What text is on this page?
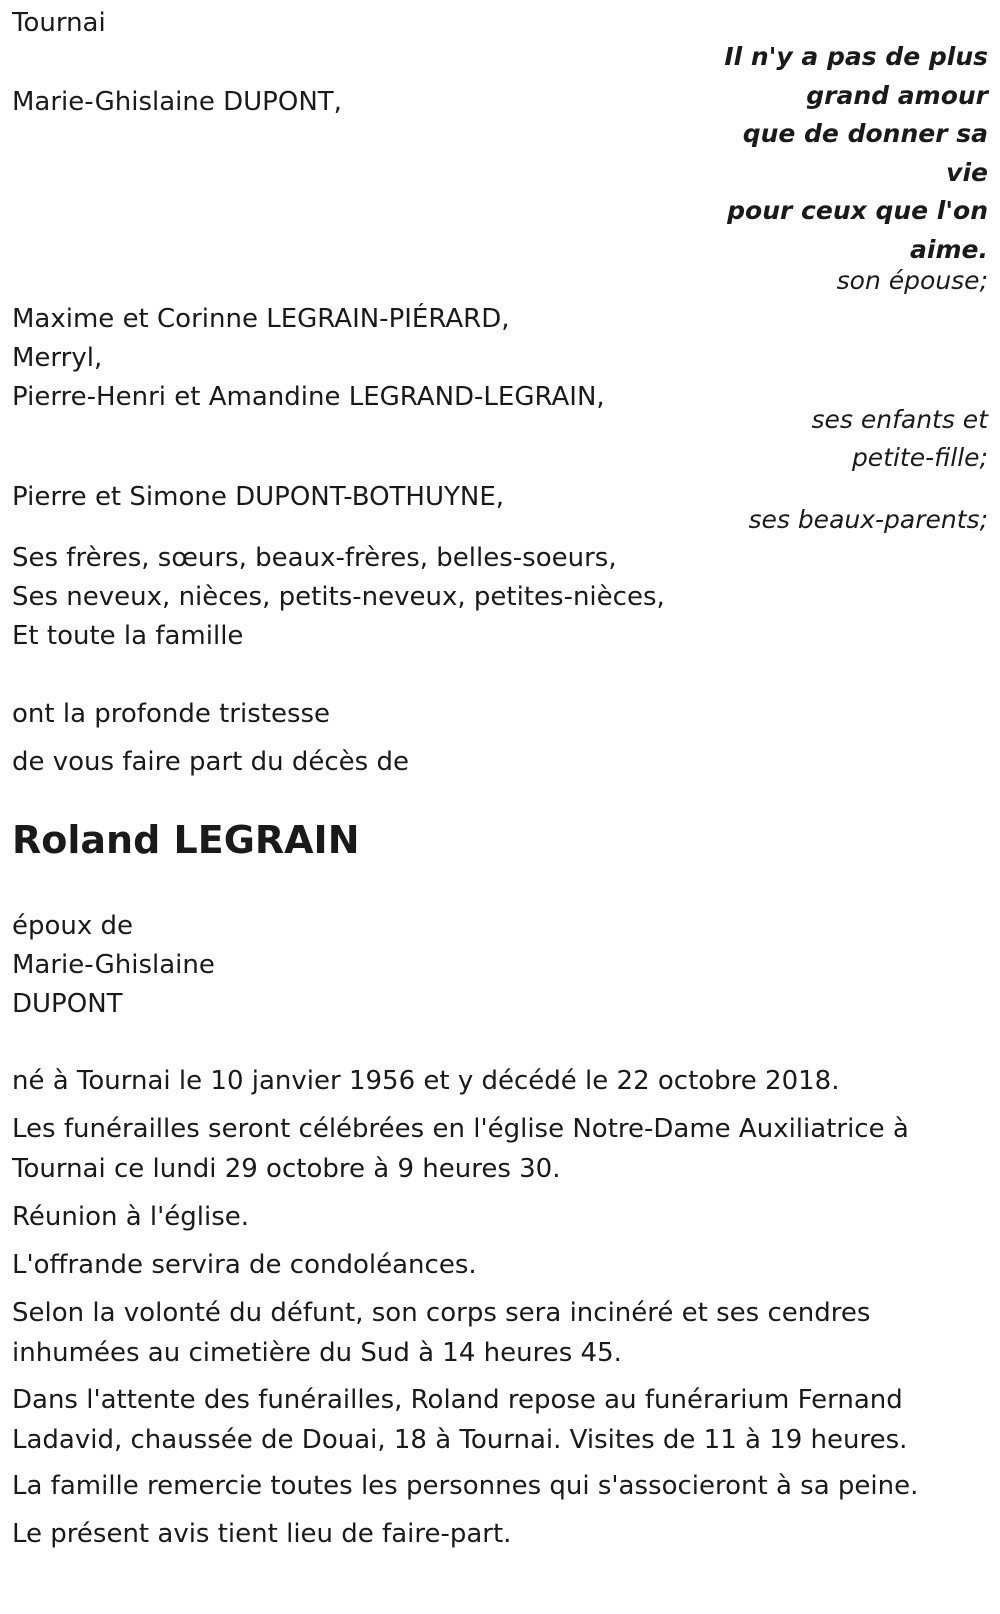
Tournai
Il n'y a pas de plus
grand amour
que de donner sa
vie
pour ceux que l'on
aime.
Marie-Ghislaine DUPONT,
son épouse;
Maxime et Corinne LEGRAIN-PIÉRARD,
Merryl,
Pierre-Henri et Amandine LEGRAND-LEGRAIN,
ses enfants et
petite-fille;
Pierre et Simone DUPONT-BOTHUYNE,
ses beaux-parents;
Ses frères, sœurs, beaux-frères, belles-soeurs,
Ses neveux, nièces, petits-neveux, petites-nièces,
Et toute la famille
ont la profonde tristesse
de vous faire part du décès de
Roland LEGRAIN
époux de
Marie-Ghislaine
DUPONT
né à Tournai le 10 janvier 1956 et y décédé le 22 octobre 2018.
Les funérailles seront célébrées en l'église Notre-Dame Auxiliatrice à Tournai ce lundi 29 octobre à 9 heures 30.
Réunion à l'église.
L'offrande servira de condoléances.
Selon la volonté du défunt, son corps sera incinéré et ses cendres inhumées au cimetière du Sud à 14 heures 45.
Dans l'attente des funérailles, Roland repose au funérarium Fernand Ladavid, chaussée de Douai, 18 à Tournai. Visites de 11 à 19 heures.
La famille remercie toutes les personnes qui s'associeront à sa peine.
Le présent avis tient lieu de faire-part.
